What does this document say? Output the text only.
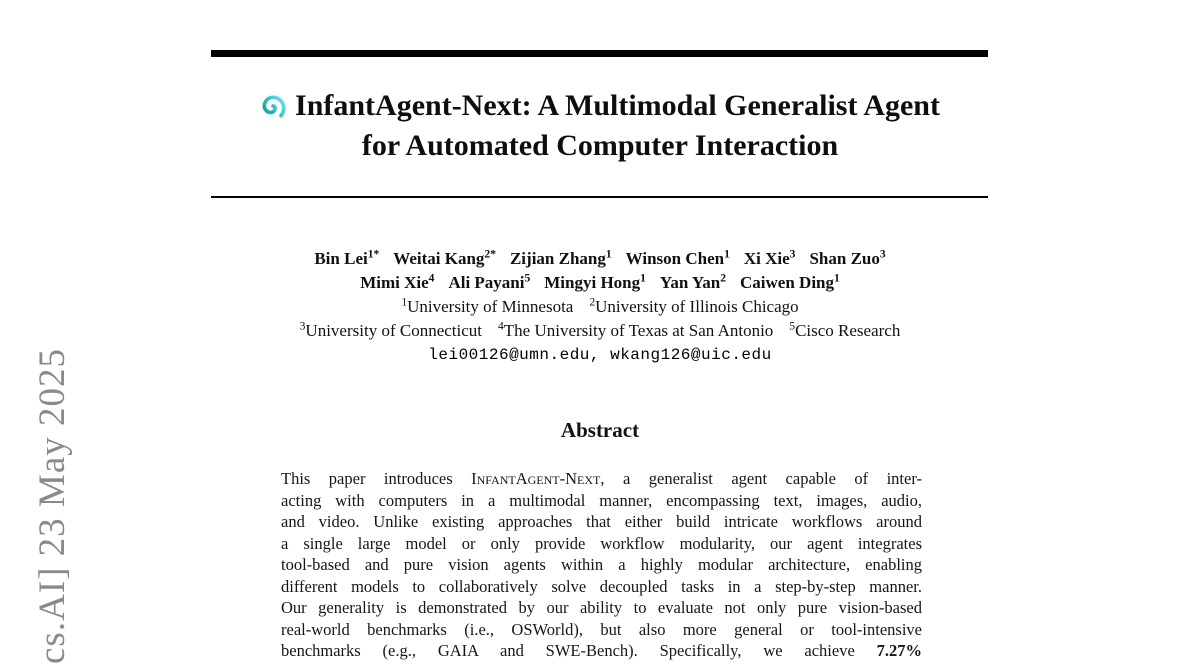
cs.AI] 23 May 2025
InfantAgent-Next: A Multimodal Generalist Agent
for Automated Computer Interaction
Bin Lei$^{1*}$ Weitai Kang$^{2*}$ Zijian Zhang$^1$ Winson Chen$^1$ Xi Xie$^3$ Shan Zuo$^3$
Mimi Xie$^4$ Ali Payani$^5$ Mingyi Hong$^1$ Yan Yan$^2$ Caiwen Ding$^1$
$^1$University of Minnesota $^2$University of Illinois Chicago
$^3$University of Connecticut $^4$The University of Texas at San Antonio $^5$Cisco Research
lei00126@umn.edu, wkang126@uic.edu
Abstract
This paper introduces InfantAgent-Next, a generalist agent capable of inter-
acting with computers in a multimodal manner, encompassing text, images, audio,
and video. Unlike existing approaches that either build intricate workflows around
a single large model or only provide workflow modularity, our agent integrates
tool-based and pure vision agents within a highly modular architecture, enabling
different models to collaboratively solve decoupled tasks in a step-by-step manner.
Our generality is demonstrated by our ability to evaluate not only pure vision-based
real-world benchmarks (i.e., OSWorld), but also more general or tool-intensive
benchmarks (e.g., GAIA and SWE-Bench). Specifically, we achieve 7.27%
